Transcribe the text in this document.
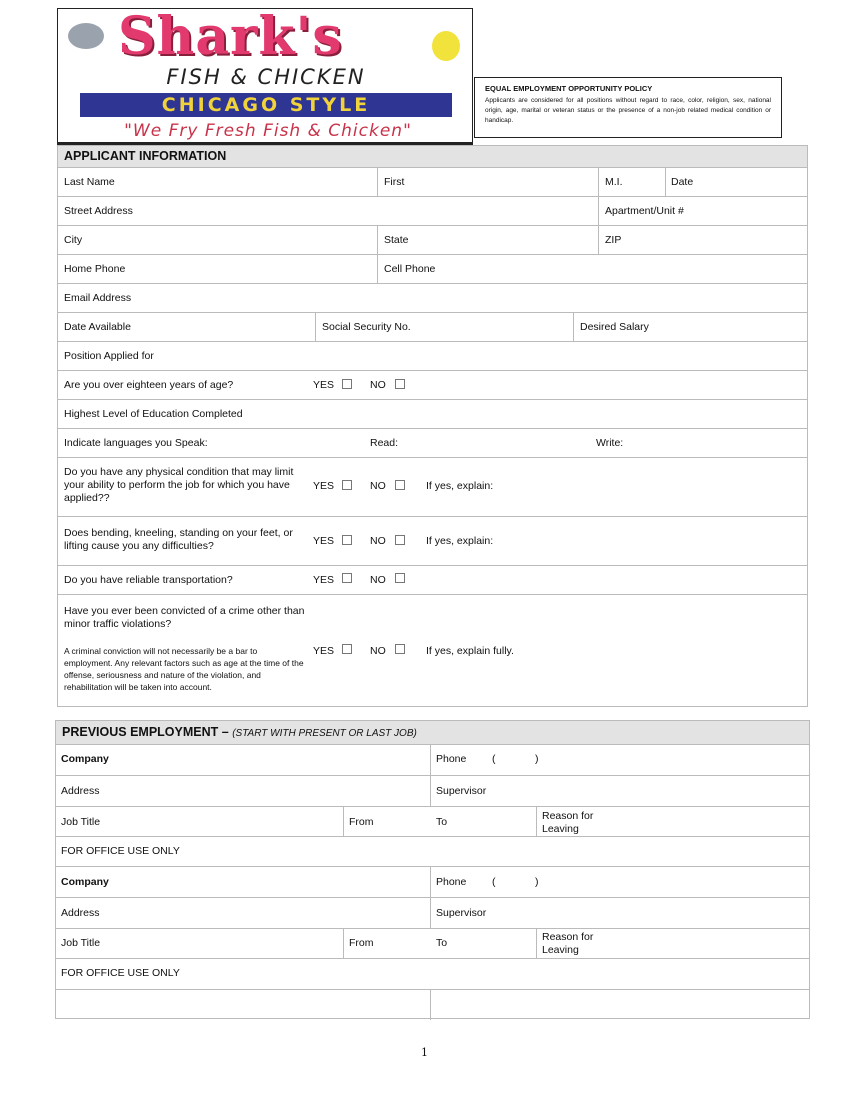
Shark's
FISH & CHICKEN
CHICAGO STYLE
"We Fry Fresh Fish & Chicken"
EQUAL EMPLOYMENT OPPORTUNITY POLICY
Applicants are considered for all positions without regard to race, color, religion, sex, national origin, age, marital or veteran status or the presence of a non-job related medical condition or handicap.
APPLICANT INFORMATION
Last Name	First	M.I.	Date
Street Address	Apartment/Unit #
City	State	ZIP
Home Phone	Cell Phone
Email Address
Date Available	Social Security No.	Desired Salary
Position Applied for
Are you over eighteen years of age?	YES	NO
Highest Level of Education Completed
Indicate languages you Speak:	Read:	Write:
Do you have any physical condition that may limit your ability to perform the job for which you have applied??
YES	NO	If yes, explain:
Does bending, kneeling, standing on your feet, or lifting cause you any difficulties?	YES	NO	If yes, explain:
Do you have reliable transportation?	YES	NO
Have you ever been convicted of a crime other than minor traffic violations?
A criminal conviction will not necessarily be a bar to employment. Any relevant factors such as age at the time of the offense, seriousness and nature of the violation, and rehabilitation will be taken into account.
YES	NO	If yes, explain fully.
PREVIOUS EMPLOYMENT – (START WITH PRESENT OR LAST JOB)
Company	Phone (	)
Address	Supervisor
Job Title	From	To	Reason for
Leaving
FOR OFFICE USE ONLY
Company	Phone (	)
Address	Supervisor
Job Title	From	To	Reason for
Leaving
FOR OFFICE USE ONLY
1
